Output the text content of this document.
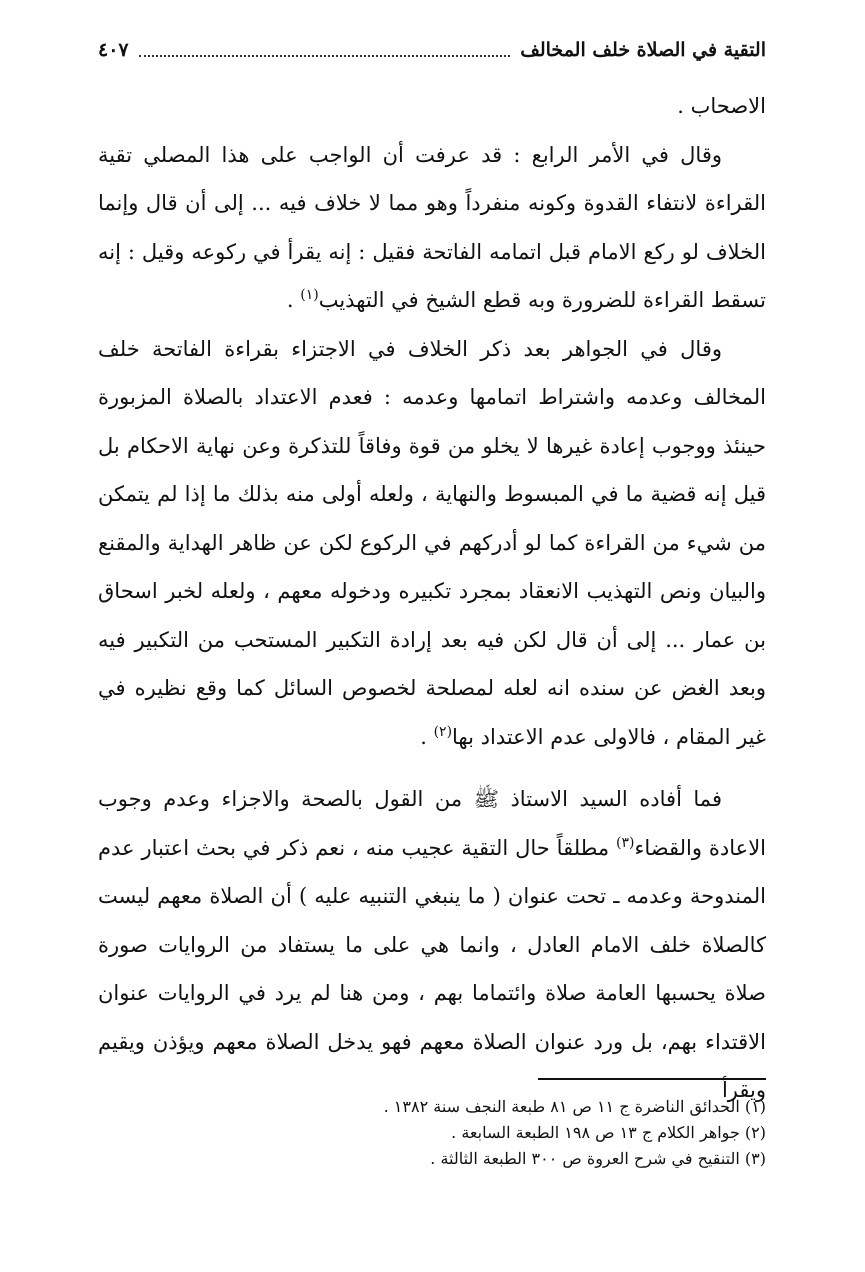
التقية في الصلاة خلف المخالف
٤٠٧

الاصحاب .

وقال في الأمر الرابع : قد عرفت أن الواجب على هذا المصلي تقية القراءة لانتفاء القدوة وكونه منفرداً وهو مما لا خلاف فيه ... إلى أن قال وإنما الخلاف لو ركع الامام قبل اتمامه الفاتحة فقيل : إنه يقرأ في ركوعه وقيل : إنه تسقط القراءة للضرورة وبه قطع الشيخ في التهذيب$^{(١)}$ .

وقال في الجواهر بعد ذكر الخلاف في الاجتزاء بقراءة الفاتحة خلف المخالف وعدمه واشتراط اتمامها وعدمه : فعدم الاعتداد بالصلاة المزبورة حينئذ ووجوب إعادة غيرها لا يخلو من قوة وفاقاً للتذكرة وعن نهاية الاحكام بل قيل إنه قضية ما في المبسوط والنهاية ، ولعله أولى منه بذلك ما إذا لم يتمكن من شيء من القراءة كما لو أدركهم في الركوع لكن عن ظاهر الهداية والمقنع والبيان ونص التهذيب الانعقاد بمجرد تكبيره ودخوله معهم ، ولعله لخبر اسحاق بن عمار ... إلى أن قال لكن فيه بعد إرادة التكبير المستحب من التكبير فيه وبعد الغض عن سنده انه لعله لمصلحة لخصوص السائل كما وقع نظيره في غير المقام ، فالاولى عدم الاعتداد بها$^{(٢)}$ .

فما أفاده السيد الاستاذ ﷺ من القول بالصحة والاجزاء وعدم وجوب الاعادة والقضاء$^{(٣)}$ مطلقاً حال التقية عجيب منه ، نعم ذكر في بحث اعتبار عدم المندوحة وعدمه ـ تحت عنوان ( ما ينبغي التنبيه عليه ) أن الصلاة معهم ليست كالصلاة خلف الامام العادل ، وانما هي على ما يستفاد من الروايات صورة صلاة يحسبها العامة صلاة وائتماما بهم ، ومن هنا لم يرد في الروايات عنوان الاقتداء بهم، بل ورد عنوان الصلاة معهم فهو يدخل الصلاة معهم ويؤذن ويقيم ويقرأ

(١) الحدائق الناضرة ج ١١ ص ٨١ طبعة النجف سنة ١٣٨٢ .
(٢) جواهر الكلام ج ١٣ ص ١٩٨ الطبعة السابعة .
(٣) التنقيح في شرح العروة ص ٣٠٠ الطبعة الثالثة .
